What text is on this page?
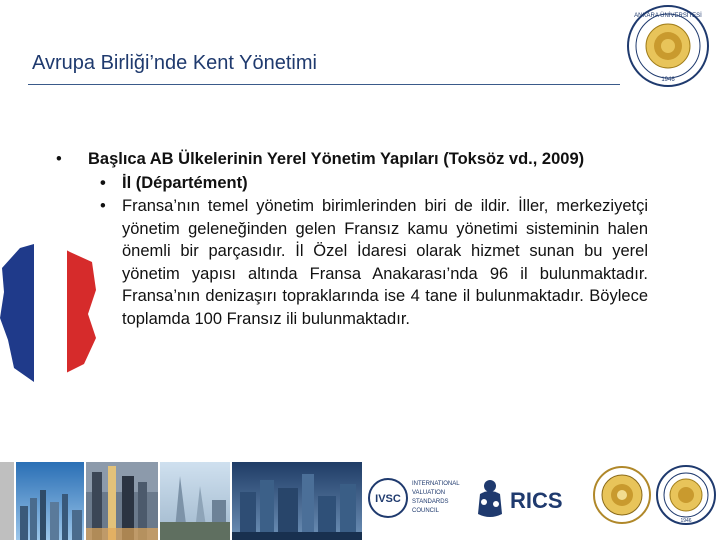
Avrupa Birliği’nde Kent Yönetimi
ANKARA ÜNİVERSİTESİ
1946
• Başlıca AB Ülkelerinin Yerel Yönetim Yapıları (Toksöz vd., 2009)
• İl (Départément)
• Fransa’nın temel yönetim birimlerinden biri de ildir. İller, merkeziyetçi yönetim geleneğinden gelen Fransız kamu yönetimi sisteminin halen önemli bir parçasıdır. İl Özel İdaresi olarak hizmet sunan bu yerel yönetim yapısı altında Fransa Anakarası’nda 96 il bulunmaktadır. Fransa’nın denizaşırı topraklarında ise 4 tane il bulunmaktadır. Böylece toplamda 100 Fransız ili bulunmaktadır.
IVSC
INTERNATIONAL
VALUATION
STANDARDS
COUNCIL	RICS
1946
